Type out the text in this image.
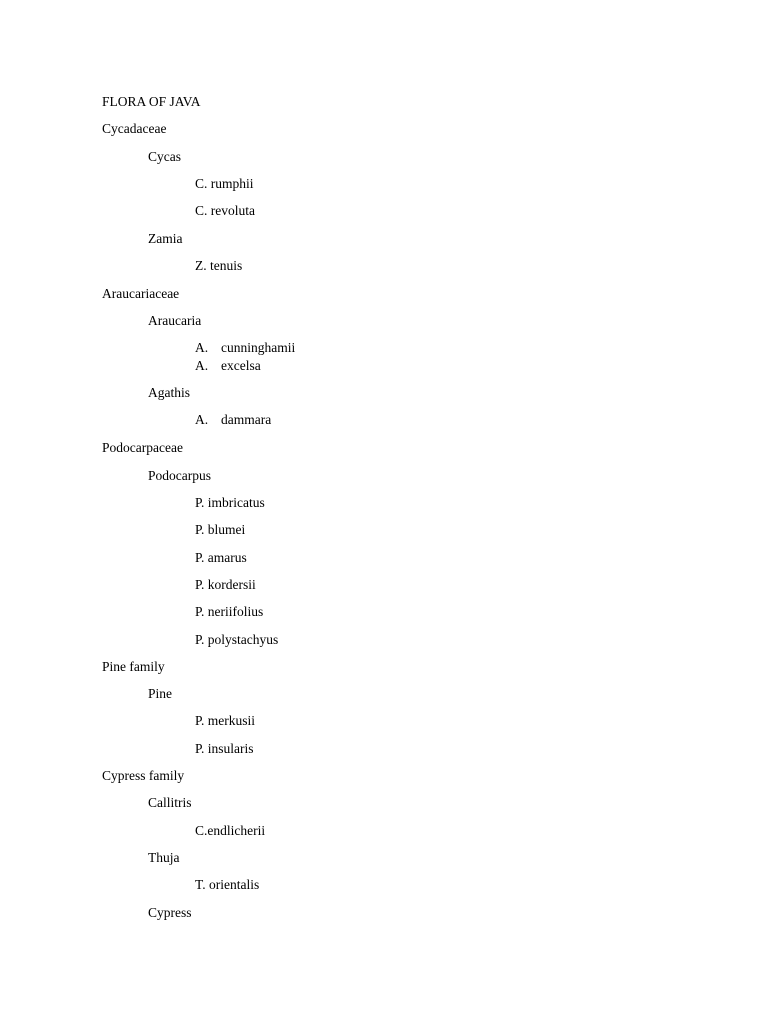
FLORA OF JAVA
Cycadaceae
Cycas
C. rumphii
C. revoluta
Zamia
Z. tenuis
Araucariaceae
Araucaria
A. cunninghamii
A. excelsa
Agathis
A. dammara
Podocarpaceae
Podocarpus
P. imbricatus
P. blumei
P. amarus
P. kordersii
P. neriifolius
P. polystachyus
Pine family
Pine
P. merkusii
P. insularis
Cypress family
Callitris
C.endlicherii
Thuja
T. orientalis
Cypress
